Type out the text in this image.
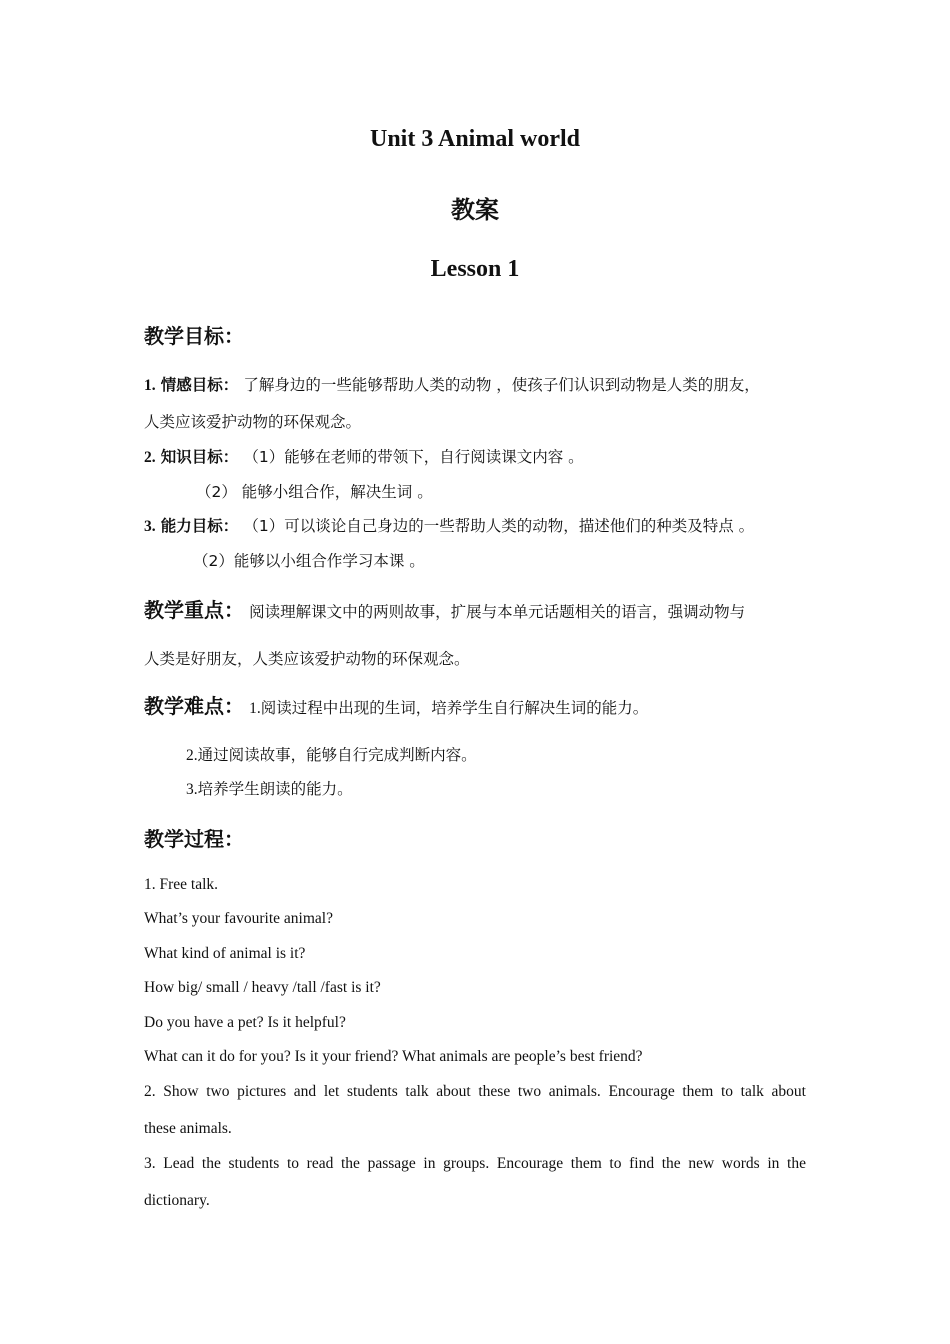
Unit 3 Animal world
教案
Lesson 1
教学目标：
1. 情感目标： 了解身边的一些能够帮助人类的动物 ，使孩子们认识到动物是人类的朋友，
人类应该爱护动物的环保观念。
2. 知识目标： （1）能够在老师的带领下，自行阅读课文内容 。
（2） 能够小组合作，解决生词 。
3. 能力目标： （1）可以谈论自己身边的一些帮助人类的动物，描述他们的种类及特点 。
（2）能够以小组合作学习本课 。
教学重点： 阅读理解课文中的两则故事，扩展与本单元话题相关的语言，强调动物与
人类是好朋友，人类应该爱护动物的环保观念。
教学难点： 1.阅读过程中出现的生词，培养学生自行解决生词的能力。
2.通过阅读故事，能够自行完成判断内容。
3.培养学生朗读的能力。
教学过程：
1. Free talk.
What’s your favourite animal?
What kind of animal is it?
How big/ small / heavy /tall /fast is it?
Do you have a pet? Is it helpful?
What can it do for you? Is it your friend? What animals are people’s best friend?
2. Show two pictures and let students talk about these two animals. Encourage them to talk about
these animals.
3. Lead the students to read the passage in groups. Encourage them to find the new words in the
dictionary.
